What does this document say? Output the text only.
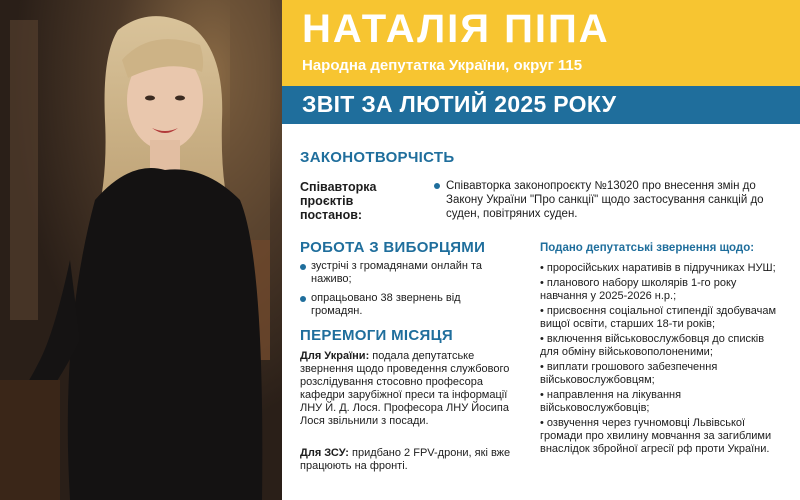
НАТАЛІЯ ПІПА
Народна депутатка України, округ 115
ЗВІТ ЗА ЛЮТИЙ 2025 РОКУ
ЗАКОНОТВОРЧІСТЬ
Співавторка проєктів постанов:
Співавторка законопроєкту №13020 про внесення змін до Закону України "Про санкції" щодо застосування санкцій до суден, повітряних суден.
РОБОТА З ВИБОРЦЯМИ
зустрічі з громадянами онлайн та наживо;
опрацьовано 38 звернень від громадян.
ПЕРЕМОГИ МІСЯЦЯ
Для України: подала депутатське звернення щодо проведення службового розслідування стосовно професора кафедри зарубіжної преси та інформації ЛНУ Й. Д. Лося. Професора ЛНУ Йосипа Лося звільнили з посади.
Для ЗСУ: придбано 2 FPV-дрони, які вже працюють на фронті.
Подано депутатські звернення щодо:
• проросійських наративів в підручниках НУШ;
• планового набору школярів 1-го року навчання у 2025-2026 н.р.;
• присвоєння соціальної стипендії здобувачам вищої освіти, старших 18-ти років;
• включення військовослужбовця до списків для обміну військовополоненими;
• виплати грошового забезпечення військовослужбовцям;
• направлення на лікування військовослужбовців;
• озвучення через гучномовці Львівської громади про хвилину мовчання за загиблими внаслідок збройної агресії рф проти України.
